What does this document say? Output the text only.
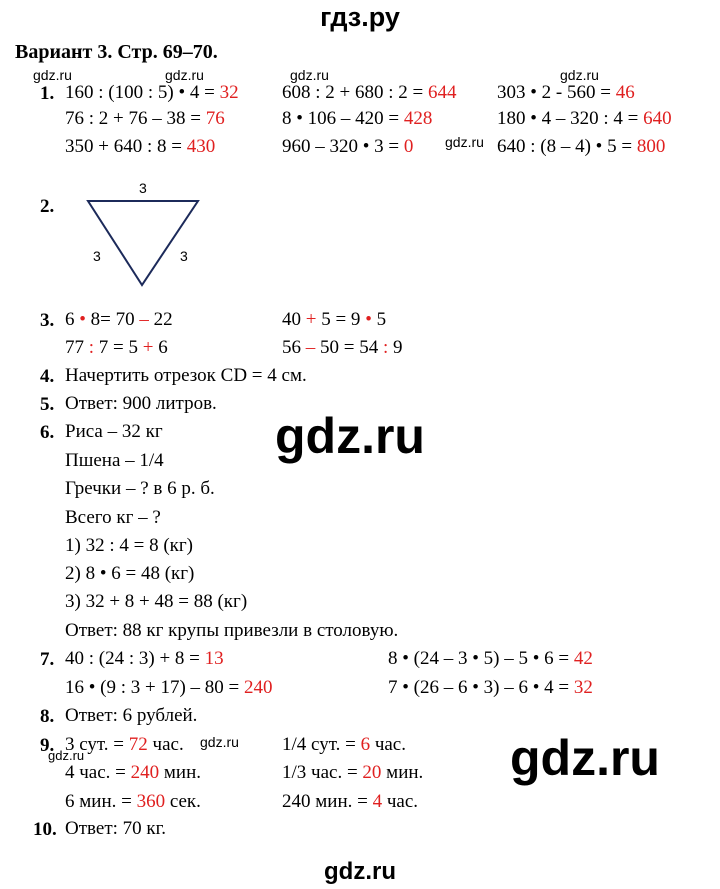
гдз.ру
Вариант 3. Стр. 69–70.
gdz.ru	gdz.ru	gdz.ru	gdz.ru
gdz.ru
gdz.ru
gdz.ru
1. 160 : (100 : 5) • 4 = 32 608 : 2 + 680 : 2 = 644 303 • 2 - 560 = 46
76 : 2 + 76 – 38 = 76	8 • 106 – 420 = 428	180 • 4 – 320 : 4 = 640
350 + 640 : 8 = 430	960 – 320 • 3 = 0	640 : (8 – 4) • 5 = 800
2.
3
3	3
3. 6 • 8= 70 – 22	40 + 5 = 9 • 5
77 : 7 = 5 + 6	56 – 50 = 54 : 9
4. Начертить отрезок CD = 4 см.
5. Ответ: 900 литров.
6. Риса – 32 кг
Пшена – 1/4
Гречки – ? в 6 р. б.
Всего кг – ?
1) 32 : 4 = 8 (кг)
2) 8 • 6 = 48 (кг)
3) 32 + 8 + 48 = 88 (кг)
Ответ: 88 кг крупы привезли в столовую.
gdz.ru
gdz.ru
7. 40 : (24 : 3) + 8 = 13	8 • (24 – 3 • 5) – 5 • 6 = 42
16 • (9 : 3 + 17) – 80 = 240	7 • (26 – 6 • 3) – 6 • 4 = 32
8. Ответ: 6 рублей.
9. 3 сут. = 72 час.	1/4 сут. = 6 час.
4 час. = 240 мин.	1/3 час. = 20 мин.
6 мин. = 360 сек.	240 мин. = 4 час.
10. Ответ: 70 кг.
gdz.ru
